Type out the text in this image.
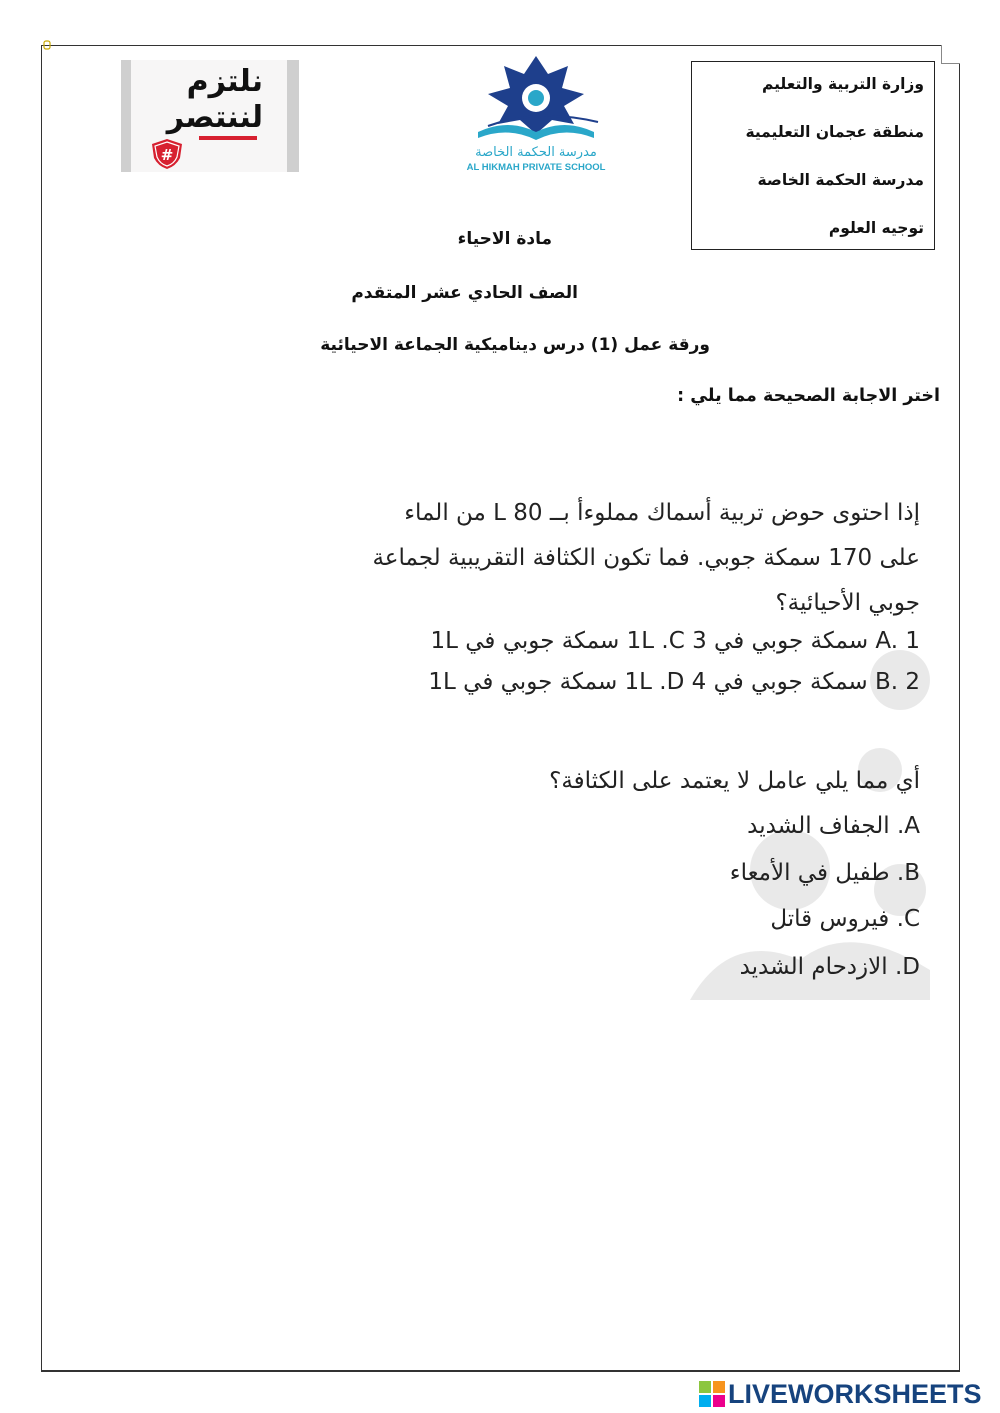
وزارة التربية والتعليم
منطقة عجمان التعليمية
مدرسة الحكمة الخاصة
توجيه العلوم
مدرسة الحكمة الخاصة
AL HIKMAH PRIVATE SCHOOL
نلتزم
لننتصر
#
مادة الاحياء
الصف الحادي عشر المتقدم
ورقة عمل (1) درس ديناميكية الجماعة الاحيائية
اختر الاجابة الصحيحة مما يلي :
إذا احتوى حوض تربية أسماك مملوءأ بــ L 80 من الماء
على 170 سمكة جوبي. فما تكون الكثافة التقريبية لجماعة
جوبي الأحيائية؟
A. 1 سمكة جوبي في 1L .C 3 سمكة جوبي في 1L
B. 2 سمكة جوبي في 1L .D 4 سمكة جوبي في 1L
أي مما يلي عامل لا يعتمد على الكثافة؟
A. الجفاف الشديد
B. طفيل في الأمعاء
C. فيروس قاتل
D. الازدحام الشديد
LIVEWORKSHEETS
